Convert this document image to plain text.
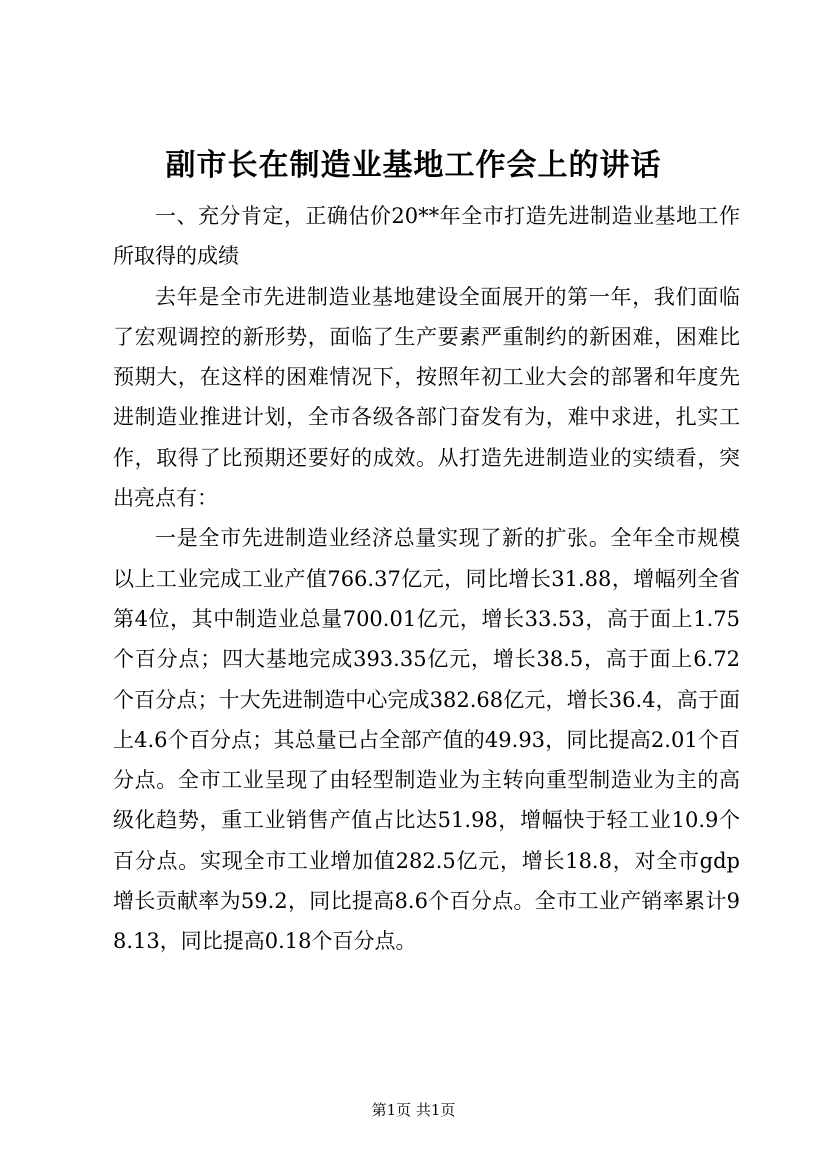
副市长在制造业基地工作会上的讲话

一、充分肯定，正确估价20**年全市打造先进制造业基地工作所取得的成绩

去年是全市先进制造业基地建设全面展开的第一年，我们面临了宏观调控的新形势，面临了生产要素严重制约的新困难，困难比预期大，在这样的困难情况下，按照年初工业大会的部署和年度先进制造业推进计划，全市各级各部门奋发有为，难中求进，扎实工作，取得了比预期还要好的成效。从打造先进制造业的实绩看，突出亮点有：

一是全市先进制造业经济总量实现了新的扩张。全年全市规模以上工业完成工业产值766.37亿元，同比增长31.88，增幅列全省第4位，其中制造业总量700.01亿元，增长33.53，高于面上1.75个百分点；四大基地完成393.35亿元，增长38.5，高于面上6.72个百分点；十大先进制造中心完成382.68亿元，增长36.4，高于面上4.6个百分点；其总量已占全部产值的49.93，同比提高2.01个百分点。全市工业呈现了由轻型制造业为主转向重型制造业为主的高级化趋势，重工业销售产值占比达51.98，增幅快于轻工业10.9个百分点。实现全市工业增加值282.5亿元，增长18.8，对全市gdp增长贡献率为59.2，同比提高8.6个百分点。全市工业产销率累计98.13，同比提高0.18个百分点。

第1页 共1页
